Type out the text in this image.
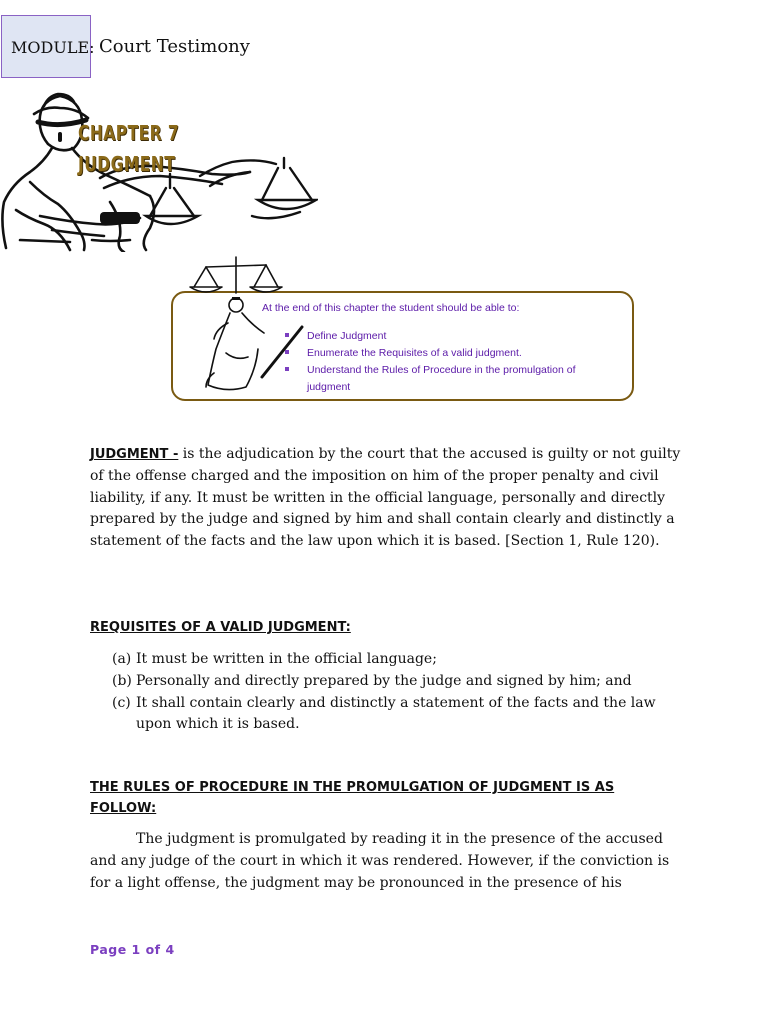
MODULE: Court Testimony
CHAPTER 7
JUDGMENT
At the end of this chapter the student should be able to:
Define Judgment
Enumerate the Requisites of a valid judgment.
Understand the Rules of Procedure in the promulgation of judgment
JUDGMENT - is the adjudication by the court that the accused is guilty or not guilty of the offense charged and the imposition on him of the proper penalty and civil liability, if any. It must be written in the official language, personally and directly prepared by the judge and signed by him and shall contain clearly and distinctly a statement of the facts and the law upon which it is based. [Section 1, Rule 120).
REQUISITES OF A VALID JUDGMENT:
(a) It must be written in the official language;
(b) Personally and directly prepared by the judge and signed by him; and
(c) It shall contain clearly and distinctly a statement of the facts and the law upon which it is based.
THE RULES OF PROCEDURE IN THE PROMULGATION OF JUDGMENT IS AS FOLLOW:
The judgment is promulgated by reading it in the presence of the accused and any judge of the court in which it was rendered. However, if the conviction is for a light offense, the judgment may be pronounced in the presence of his
Page 1 of 4
